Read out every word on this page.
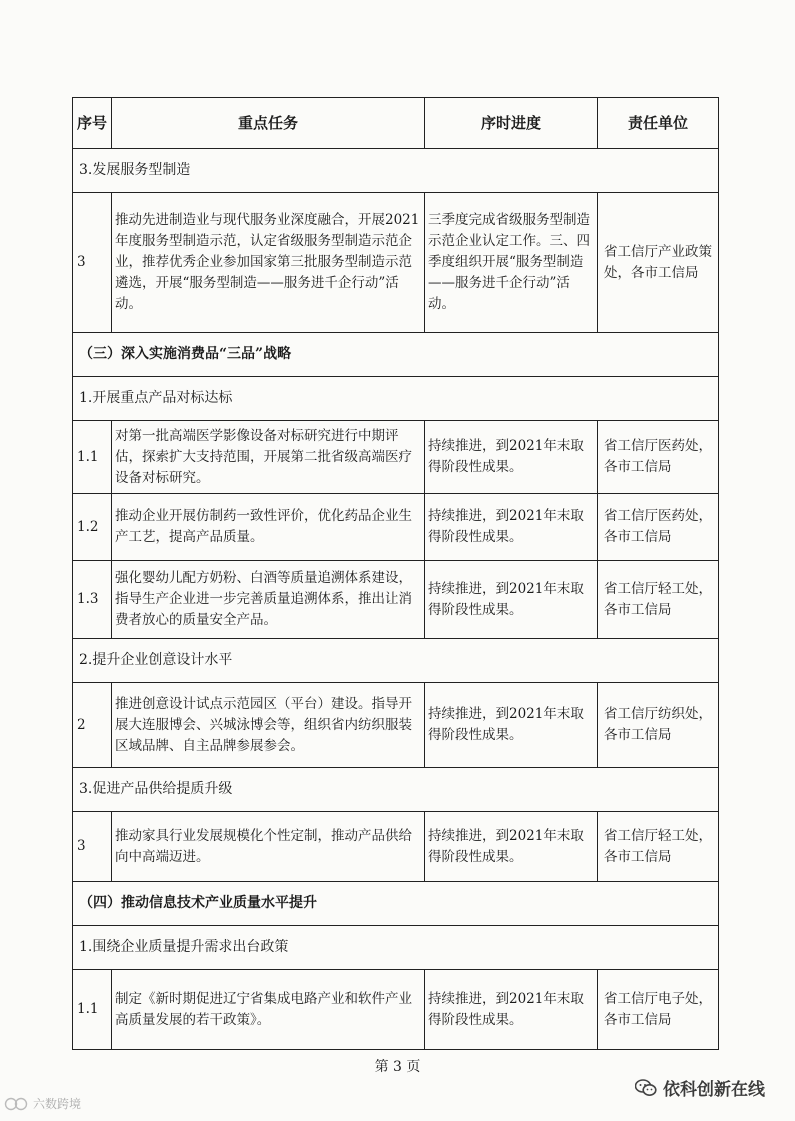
序号	重点任务	序时进度	责任单位
3.发展服务型制造			
3	推动先进制造业与现代服务业深度融合，开展2021年度服务型制造示范，认定省级服务型制造示范企业，推荐优秀企业参加国家第三批服务型制造示范遴选，开展“服务型制造——服务进千企行动”活动。	三季度完成省级服务型制造示范企业认定工作。三、四季度组织开展“服务型制造——服务进千企行动”活动。	省工信厅产业政策处，各市工信局
（三）深入实施消费品“三品”战略			
1.开展重点产品对标达标			
1.1	对第一批高端医学影像设备对标研究进行中期评估，探索扩大支持范围，开展第二批省级高端医疗设备对标研究。	持续推进，到2021年末取得阶段性成果。	省工信厅医药处，各市工信局
1.2	推动企业开展仿制药一致性评价，优化药品企业生产工艺，提高产品质量。	持续推进，到2021年末取得阶段性成果。	省工信厅医药处，各市工信局
1.3	强化婴幼儿配方奶粉、白酒等质量追溯体系建设，指导生产企业进一步完善质量追溯体系，推出让消费者放心的质量安全产品。	持续推进，到2021年末取得阶段性成果。	省工信厅轻工处，各市工信局
2.提升企业创意设计水平			
2	推进创意设计试点示范园区（平台）建设。指导开展大连服博会、兴城泳博会等，组织省内纺织服装区域品牌、自主品牌参展参会。	持续推进，到2021年末取得阶段性成果。	省工信厅纺织处，各市工信局
3.促进产品供给提质升级			
3	推动家具行业发展规模化个性定制，推动产品供给向中高端迈进。	持续推进，到2021年末取得阶段性成果。	省工信厅轻工处，各市工信局
（四）推动信息技术产业质量水平提升			
1.围绕企业质量提升需求出台政策			
1.1	制定《新时期促进辽宁省集成电路产业和软件产业高质量发展的若干政策》。	持续推进，到2021年末取得阶段性成果。	省工信厅电子处，各市工信局
第 3 页
依科创新在线
六数跨境
